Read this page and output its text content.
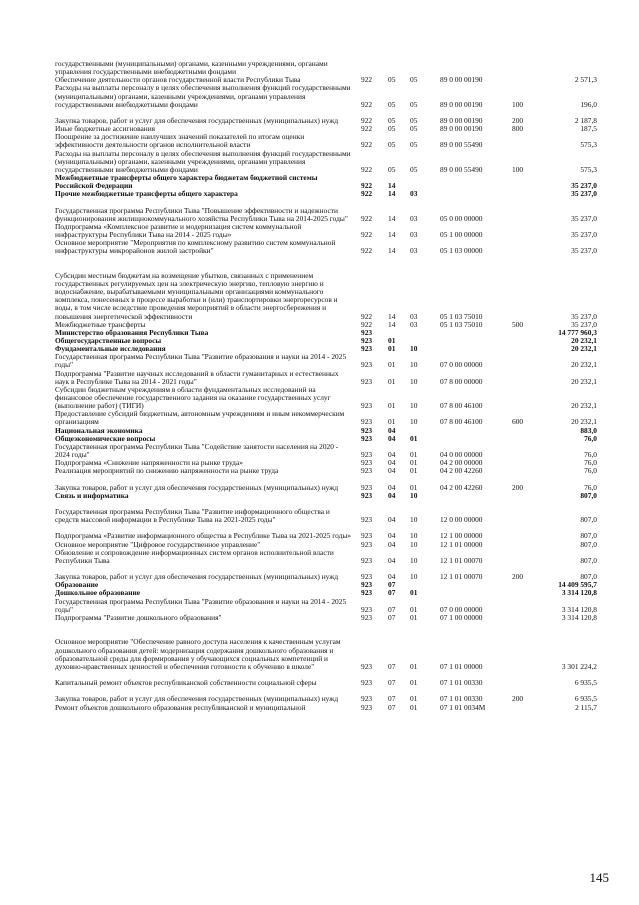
государственными (муниципальными) органами, казенными учреждениями, органами управления государственными внебюджетными фондами
Обеспечение деятельности органов государственной власти Республики Тыва	922 05 05	89 0 00 00190	2 571,3
Расходы на выплаты персоналу в целях обеспечения выполнения функций государственными (муниципальными) органами, казенными учреждениями, органами управления государственными внебюджетными фондами	922 05 05	89 0 00 00190	100	196,0
Закупка товаров, работ и услуг для обеспечения государственных (муниципальных) нужд	922 05 05	89 0 00 00190	200	2 187,8
Иные бюджетные ассигнования	922 05 05	89 0 00 00190	800	187,5
Поощрение за достижение наилучших значений показателей по итогам оценки эффективности деятельности органов исполнительной власти	922 05 05	89 0 00 55490	575,3
Расходы на выплаты персоналу в целях обеспечения выполнения функций государственными (муниципальными) органами, казенными учреждениями, органами управления государственными внебюджетными фондами	922 05 05	89 0 00 55490	100	575,3
Межбюджетные трансферты общего характера бюджетам бюджетной системы Российской Федерации	922 14	35 237,0
Прочие межбюджетные трансферты общего характера	922 14 03	35 237,0
Государственная программа Республики Тыва "Повышение эффективности и надежности функционирования жилищнокоммунального хозяйства Республики Тыва на 2014-2025 годы"	922 14 03	05 0 00 00000	35 237,0
Подпрограмма «Комплексное развитие и модернизация систем коммунальной инфраструктуры Республики Тыва на 2014 - 2025 годы»	922 14 03	05 1 00 00000	35 237,0
Основное мероприятие "Мероприятия по комплексному развитию систем коммунальной инфраструктуры микрорайонов жилой застройки"	922 14 03	05 1 03 00000	35 237,0
Субсидии местным бюджетам на возмещение убытков, связанных с применением государственных регулируемых цен на электрическую энергию, тепловую энергию и водоснабжение, вырабатываемыми муниципальными организациями коммунального комплекса, понесенных в процессе выработки и (или) транспортировки энергоресурсов и воды, в том числе вследствие проведения мероприятий в области энергосбережения и повышения энергетической эффективности	922 14 03	05 1 03 75010	35 237,0
Межбюджетные трансферты	922 14 03	05 1 03 75010	500	35 237,0
Министерство образования Республики Тыва	923	14 777 960,3
Общегосударственные вопросы	923 01	20 232,1
Фундаментальные исследования	923 01 10	20 232,1
Государственная программа Республики Тыва "Развитие образования и науки на 2014 - 2025 годы"	923 01 10	07 0 00 00000	20 232,1
Подпрограмма "Развитие научных исследований в области гуманитарных и естественных наук в Республике Тыва на 2014 - 2021 годы"	923 01 10	07 8 00 00000	20 232,1
Субсидии бюджетным учреждениям в области фундаментальных исследований на финансовое обеспечение государственного задания на оказание государственных услуг (выполнение работ) (ТИГИ)	923 01 10	07 8 00 46100	20 232,1
Предоставление субсидий бюджетным, автономным учреждениям и иным некоммерческим организациям	923 01 10	07 8 00 46100	600	20 232,1
Национальная экономика	923 04	883,0
Общеэкономические вопросы	923 04 01	76,0
Государственная программа Республики Тыва "Содействие занятости населения на 2020 - 2024 годы"	923 04 01	04 0 00 00000	76,0
Подпрограмма «Снижение напряженности на рынке труда»	923 04 01	04 2 00 00000	76,0
Реализация мероприятий по снижению напряженности на рынке труда	923 04 01	04 2 00 42260	76,0
Закупка товаров, работ и услуг для обеспечения государственных (муниципальных) нужд	923 04 01	04 2 00 42260	200	76,0
Связь и информатика	923 04 10	807,0
Государственная программа Республики Тыва "Развитие информационного общества и средств массовой информации в Республике Тыва на 2021-2025 годы"	923 04 10	12 0 00 00000	807,0
Подпрограмма «Развитие информационного общества в Республике Тыва на 2021-2025 годы» 923 04 10	12 1 00 00000	807,0
Основное мероприятие "Цифровое государственное управление"	923 04 10	12 1 01 00000	807,0
Обновление и сопровождение информационных систем органов исполнительной власти Республики Тыва	923 04 10	12 1 01 00070	807,0
Закупка товаров, работ и услуг для обеспечения государственных (муниципальных) нужд	923 04 10	12 1 01 00070	200	807,0
Образование	923 07	14 409 595,7
Дошкольное образование	923 07 01	3 314 120,8
Государственная программа Республики Тыва "Развитие образования и науки на 2014 - 2025 годы"	923 07 01	07 0 00 00000	3 314 120,8
Подпрограмма "Развитие дошкольного образования"	923 07 01	07 1 00 00000	3 314 120,8
Основное мероприятие "Обеспечение равного доступа населения к качественным услугам дошкольного образования детей: модернизация содержания дошкольного образования и образовательной среды для формирования у обучающихся социальных компетенций и духовно-нравственных ценностей и обеспечения готовности к обучению в школе"	923 07 01	07 1 01 00000	3 301 224,2
Капитальный ремонт объектов республиканской собственности социальной сферы	923 07 01	07 1 01 00330	6 935,5
Закупка товаров, работ и услуг для обеспечения государственных (муниципальных) нужд	923 07 01	07 1 01 00330	200	6 935,5
Ремонт объектов дошкольного образования республиканской и муниципальной	923 07 01	07 1 01 0034М	2 115,7
145
